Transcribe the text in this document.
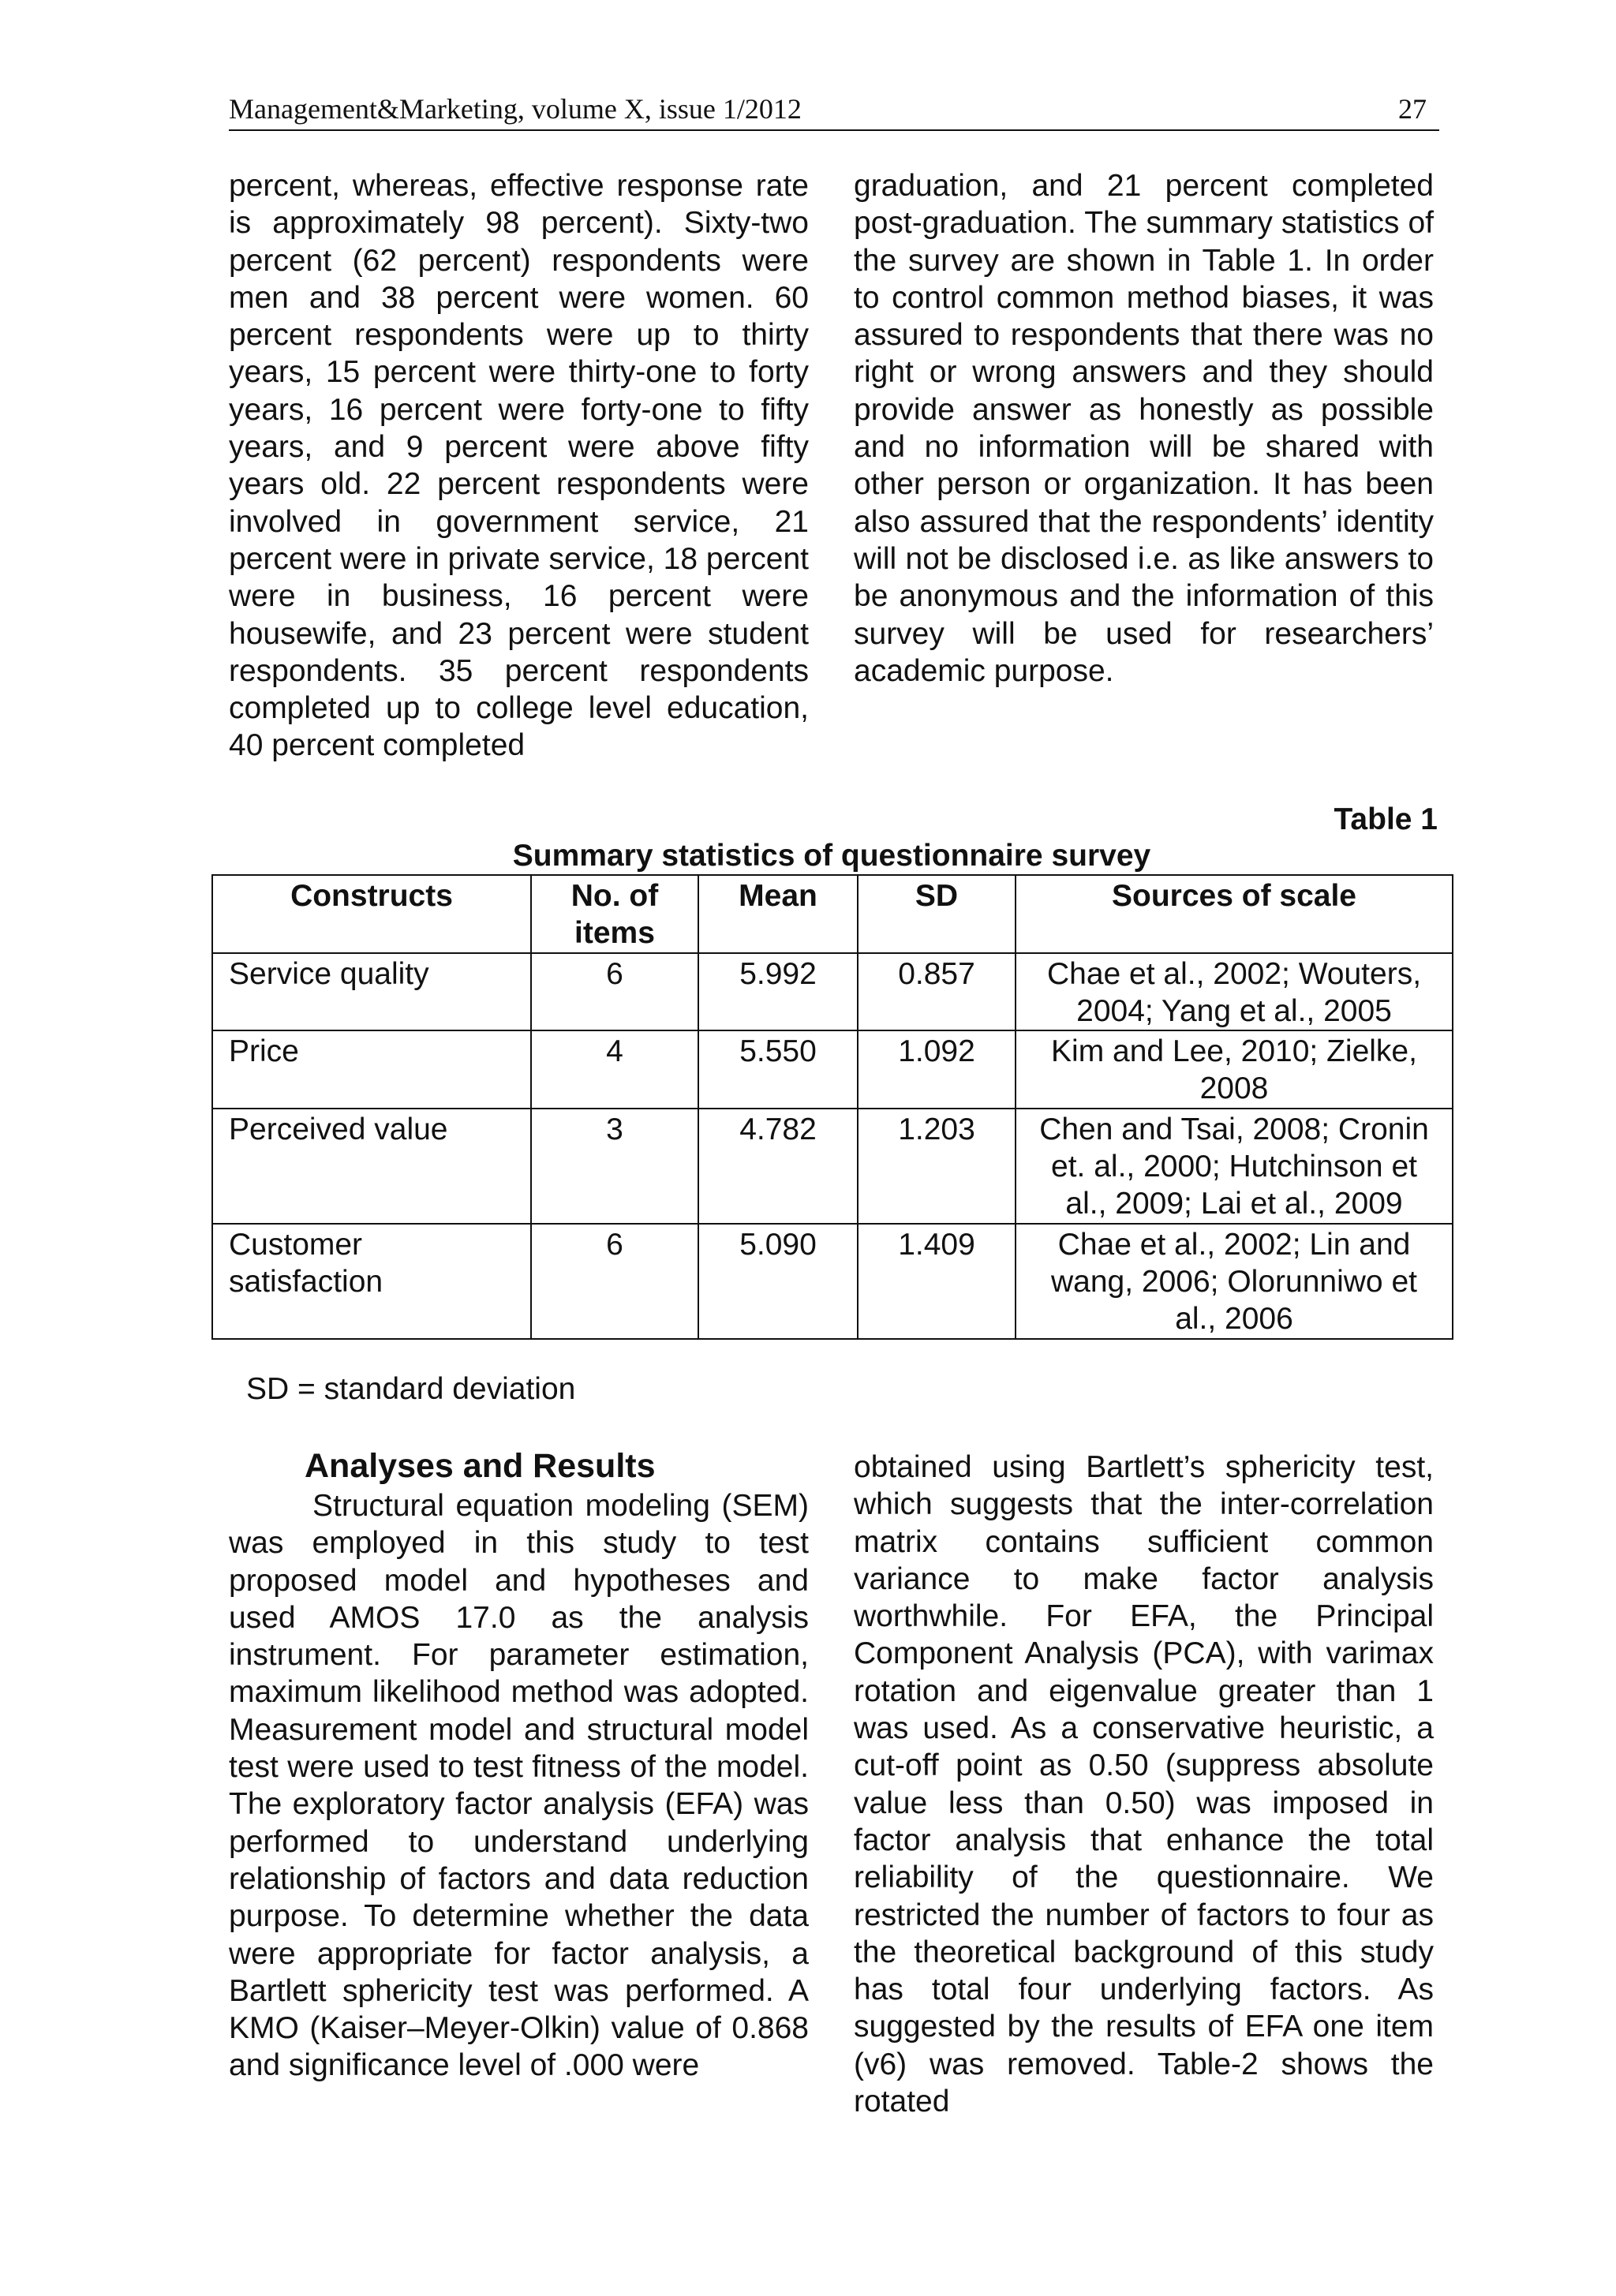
Management&Marketing, volume X, issue 1/2012	27

percent, whereas, effective response rate is approximately 98 percent). Sixty-two percent (62 percent) respondents were men and 38 percent were women. 60 percent respondents were up to thirty years, 15 percent were thirty-one to forty years, 16 percent were forty-one to fifty years, and 9 percent were above fifty years old. 22 percent respondents were involved in government service, 21 percent were in private service, 18 percent were in business, 16 percent were housewife, and 23 percent were student respondents. 35 percent respondents completed up to college level education, 40 percent completed

graduation, and 21 percent completed post-graduation. The summary statistics of the survey are shown in Table 1. In order to control common method biases, it was assured to respondents that there was no right or wrong answers and they should provide answer as honestly as possible and no information will be shared with other person or organization. It has been also assured that the respondents’ identity will not be disclosed i.e. as like answers to be anonymous and the information of this survey will be used for researchers’ academic purpose.

Table 1
Summary statistics of questionnaire survey
Constructs	No. of items	Mean	SD	Sources of scale
Service quality	6	5.992	0.857	Chae et al., 2002; Wouters, 2004; Yang et al., 2005
Price	4	5.550	1.092	Kim and Lee, 2010; Zielke, 2008
Perceived value	3	4.782	1.203	Chen and Tsai, 2008; Cronin et. al., 2000; Hutchinson et al., 2009; Lai et al., 2009
Customer satisfaction	6	5.090	1.409	Chae et al., 2002; Lin and wang, 2006; Olorunniwo et al., 2006
SD = standard deviation
Analyses and Results

Structural equation modeling (SEM) was employed in this study to test proposed model and hypotheses and used AMOS 17.0 as the analysis instrument. For parameter estimation, maximum likelihood method was adopted. Measurement model and structural model test were used to test fitness of the model. The exploratory factor analysis (EFA) was performed to understand underlying relationship of factors and data reduction purpose. To determine whether the data were appropriate for factor analysis, a Bartlett sphericity test was performed. A KMO (Kaiser–Meyer-Olkin) value of 0.868 and significance level of .000 were

obtained using Bartlett’s sphericity test, which suggests that the inter-correlation matrix contains sufficient common variance to make factor analysis worthwhile. For EFA, the Principal Component Analysis (PCA), with varimax rotation and eigenvalue greater than 1 was used. As a conservative heuristic, a cut-off point as 0.50 (suppress absolute value less than 0.50) was imposed in factor analysis that enhance the total reliability of the questionnaire. We restricted the number of factors to four as the theoretical background of this study has total four underlying factors. As suggested by the results of EFA one item (v6) was removed. Table-2 shows the rotated
